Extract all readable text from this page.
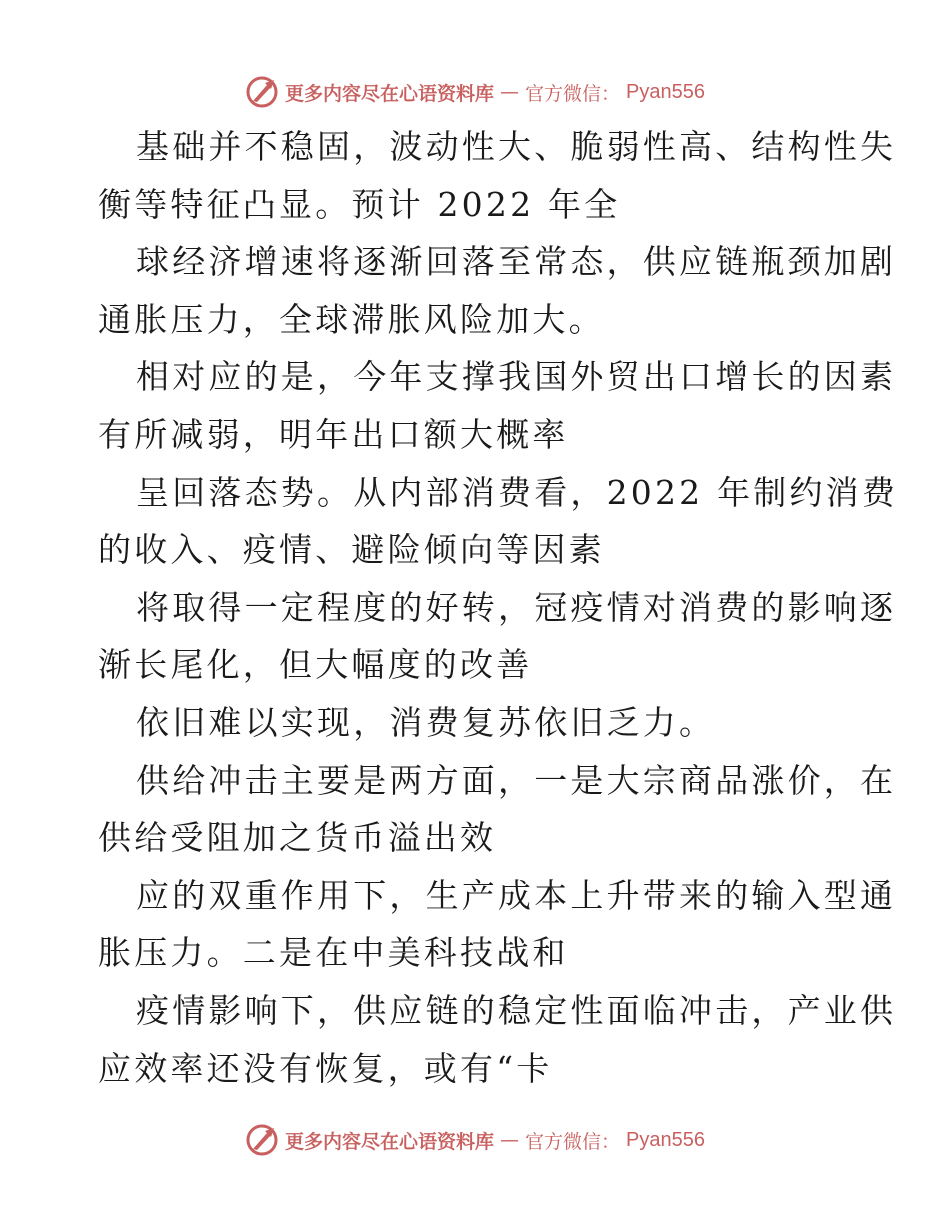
更多内容尽在心语资料库 — 官方微信： Pyan556
基础并不稳固，波动性大、脆弱性高、结构性失
衡等特征凸显。预计 2022 年全
球经济增速将逐渐回落至常态，供应链瓶颈加剧
通胀压力，全球滞胀风险加大。
相对应的是，今年支撑我国外贸出口增长的因素
有所减弱，明年出口额大概率
呈回落态势。从内部消费看，2022 年制约消费
的收入、疫情、避险倾向等因素
将取得一定程度的好转，冠疫情对消费的影响逐
渐长尾化，但大幅度的改善
依旧难以实现，消费复苏依旧乏力。
供给冲击主要是两方面，一是大宗商品涨价，在
供给受阻加之货币溢出效
应的双重作用下，生产成本上升带来的输入型通
胀压力。二是在中美科技战和
疫情影响下，供应链的稳定性面临冲击，产业供
应效率还没有恢复，或有“卡
更多内容尽在心语资料库 — 官方微信： Pyan556
